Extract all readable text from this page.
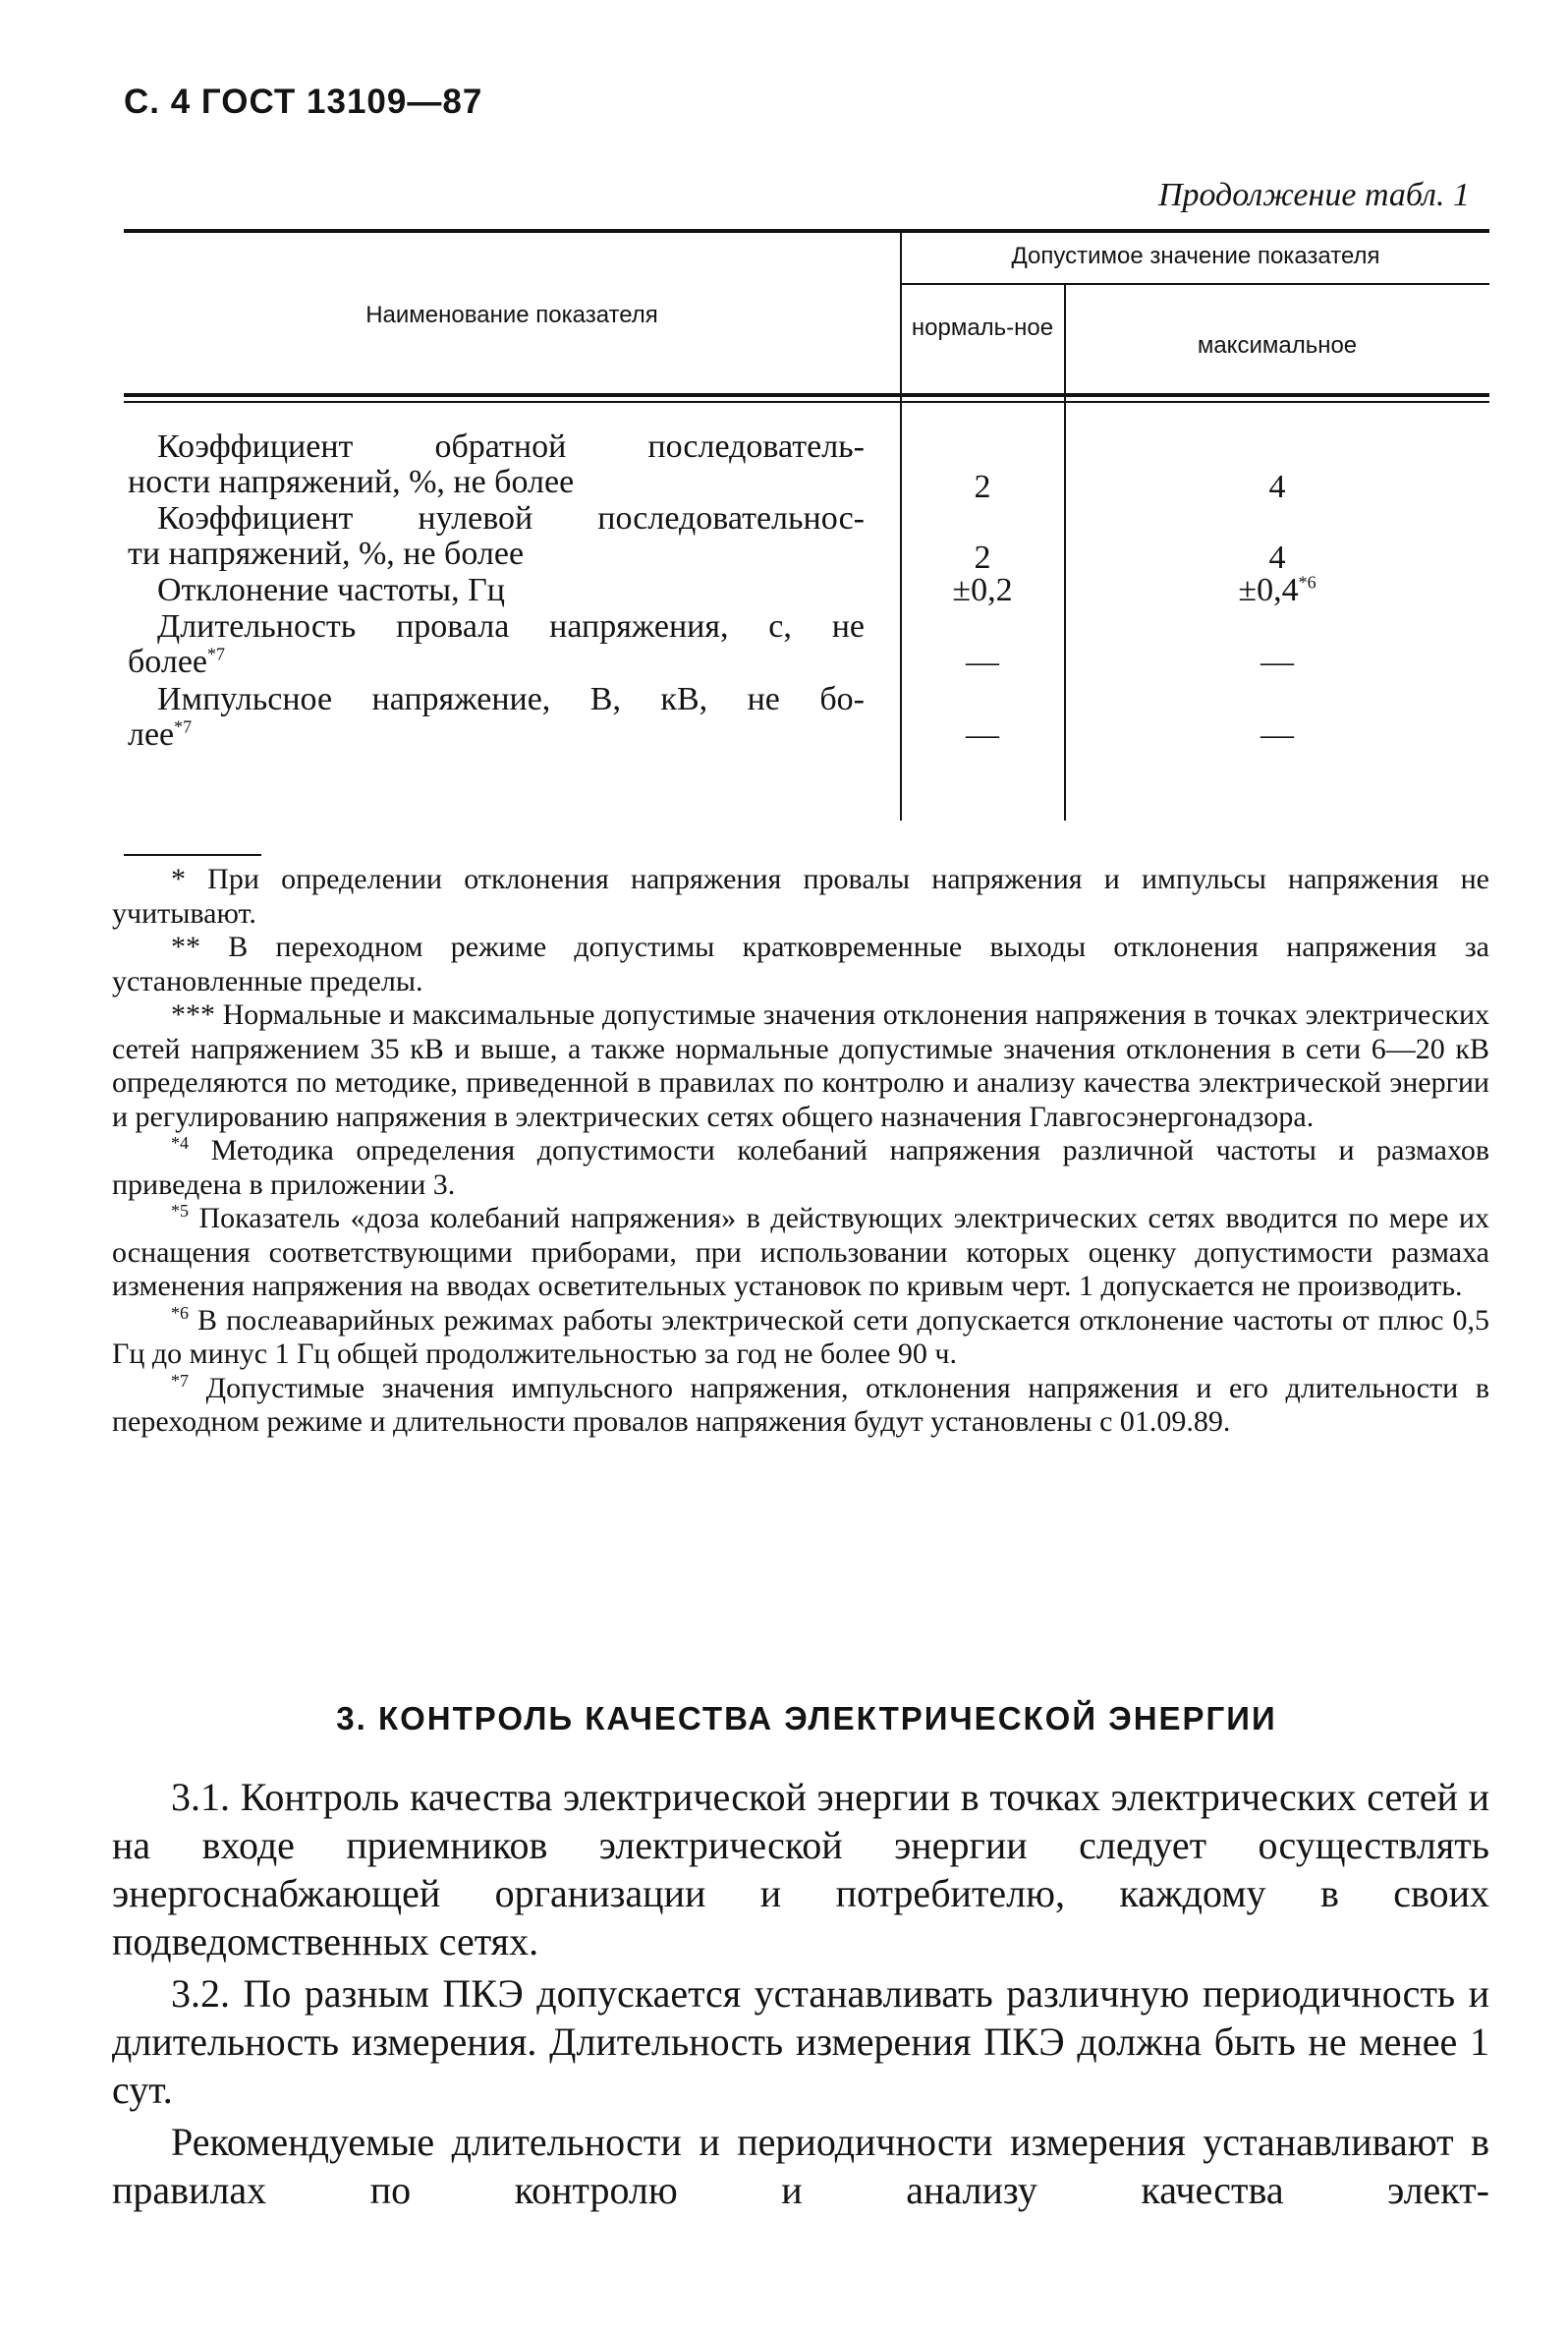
С. 4 ГОСТ 13109—87
Продолжение табл. 1
Наименование показателя
Допустимое значение показателя
нормаль-ное
максимальное
Коэффициент обратной последователь-
ности напряжений, %, не более	2	4
Коэффициент нулевой последовательнос-
ти напряжений, %, не более	2	4
Отклонение частоты, Гц	±0,2	$\pm 0,4^{*6}$
Длительность провала напряжения, с, не
более$^{*7}$	—	—
Импульсное напряжение, В, кВ, не бо-
лее$^{*7}$	—	—

* При определении отклонения напряжения провалы напряжения и импульсы напряжения не учитывают.

** В переходном режиме допустимы кратковременные выходы отклонения напряжения за установленные пределы.

*** Нормальные и максимальные допустимые значения отклонения напряжения в точках электрических сетей напряжением 35 кВ и выше, а также нормальные допустимые значения отклонения в сети 6—20 кВ определяются по методике, приведенной в правилах по контролю и анализу качества электрической энергии и регулированию напряжения в электрических сетях общего назначения Главгосэнергонадзора.

$^{*4}$ Методика определения допустимости колебаний напряжения различной частоты и размахов приведена в приложении 3.

$^{*5}$ Показатель «доза колебаний напряжения» в действующих электрических сетях вводится по мере их оснащения соответствующими приборами, при использовании которых оценку допустимости размаха изменения напряжения на вводах осветительных установок по кривым черт. 1 допускается не производить.

$^{*6}$ В послеаварийных режимах работы электрической сети допускается отклонение частоты от плюс 0,5 Гц до минус 1 Гц общей продолжительностью за год не более 90 ч.

$^{*7}$ Допустимые значения импульсного напряжения, отклонения напряжения и его длительности в переходном режиме и длительности провалов напряжения будут установлены с 01.09.89.

3. КОНТРОЛЬ КАЧЕСТВА ЭЛЕКТРИЧЕСКОЙ ЭНЕРГИИ

3.1. Контроль качества электрической энергии в точках электрических сетей и на входе приемников электрической энергии следует осуществлять энергоснабжающей организации и потребителю, каждому в своих подведомственных сетях.

3.2. По разным ПКЭ допускается устанавливать различную периодичность и длительность измерения. Длительность измерения ПКЭ должна быть не менее 1 сут.

Рекомендуемые длительности и периодичности измерения устанавливают в правилах по контролю и анализу качества элект-
